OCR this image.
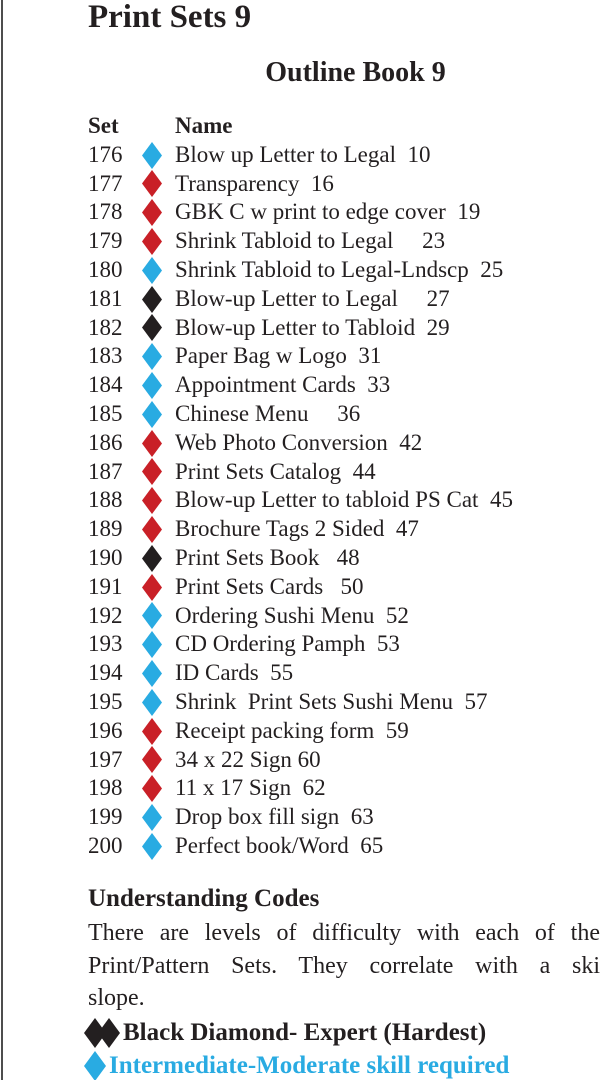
Print Sets 9
Outline Book 9
Set	Name
176	Blow up Letter to Legal  10
177	Transparency  16
178	GBK C w print to edge cover  19
179	Shrink Tabloid to Legal     23
180	Shrink Tabloid to Legal-Lndscp  25
181	Blow-up Letter to Legal     27
182	Blow-up Letter to Tabloid  29
183	Paper Bag w Logo  31
184	Appointment Cards  33
185	Chinese Menu     36
186	Web Photo Conversion  42
187	Print Sets Catalog  44
188	Blow-up Letter to tabloid PS Cat  45
189	Brochure Tags 2 Sided  47
190	Print Sets Book   48
191	Print Sets Cards   50
192	Ordering Sushi Menu  52
193	CD Ordering Pamph  53
194	ID Cards  55
195	Shrink  Print Sets Sushi Menu  57
196	Receipt packing form  59
197	34 x 22 Sign 60
198	11 x 17 Sign  62
199	Drop box fill sign  63
200	Perfect book/Word  65
Understanding Codes
There are levels of difficulty with each of the
Print/Pattern Sets. They correlate with a ski
slope.
Black Diamond- Expert (Hardest)
Intermediate-Moderate skill required
